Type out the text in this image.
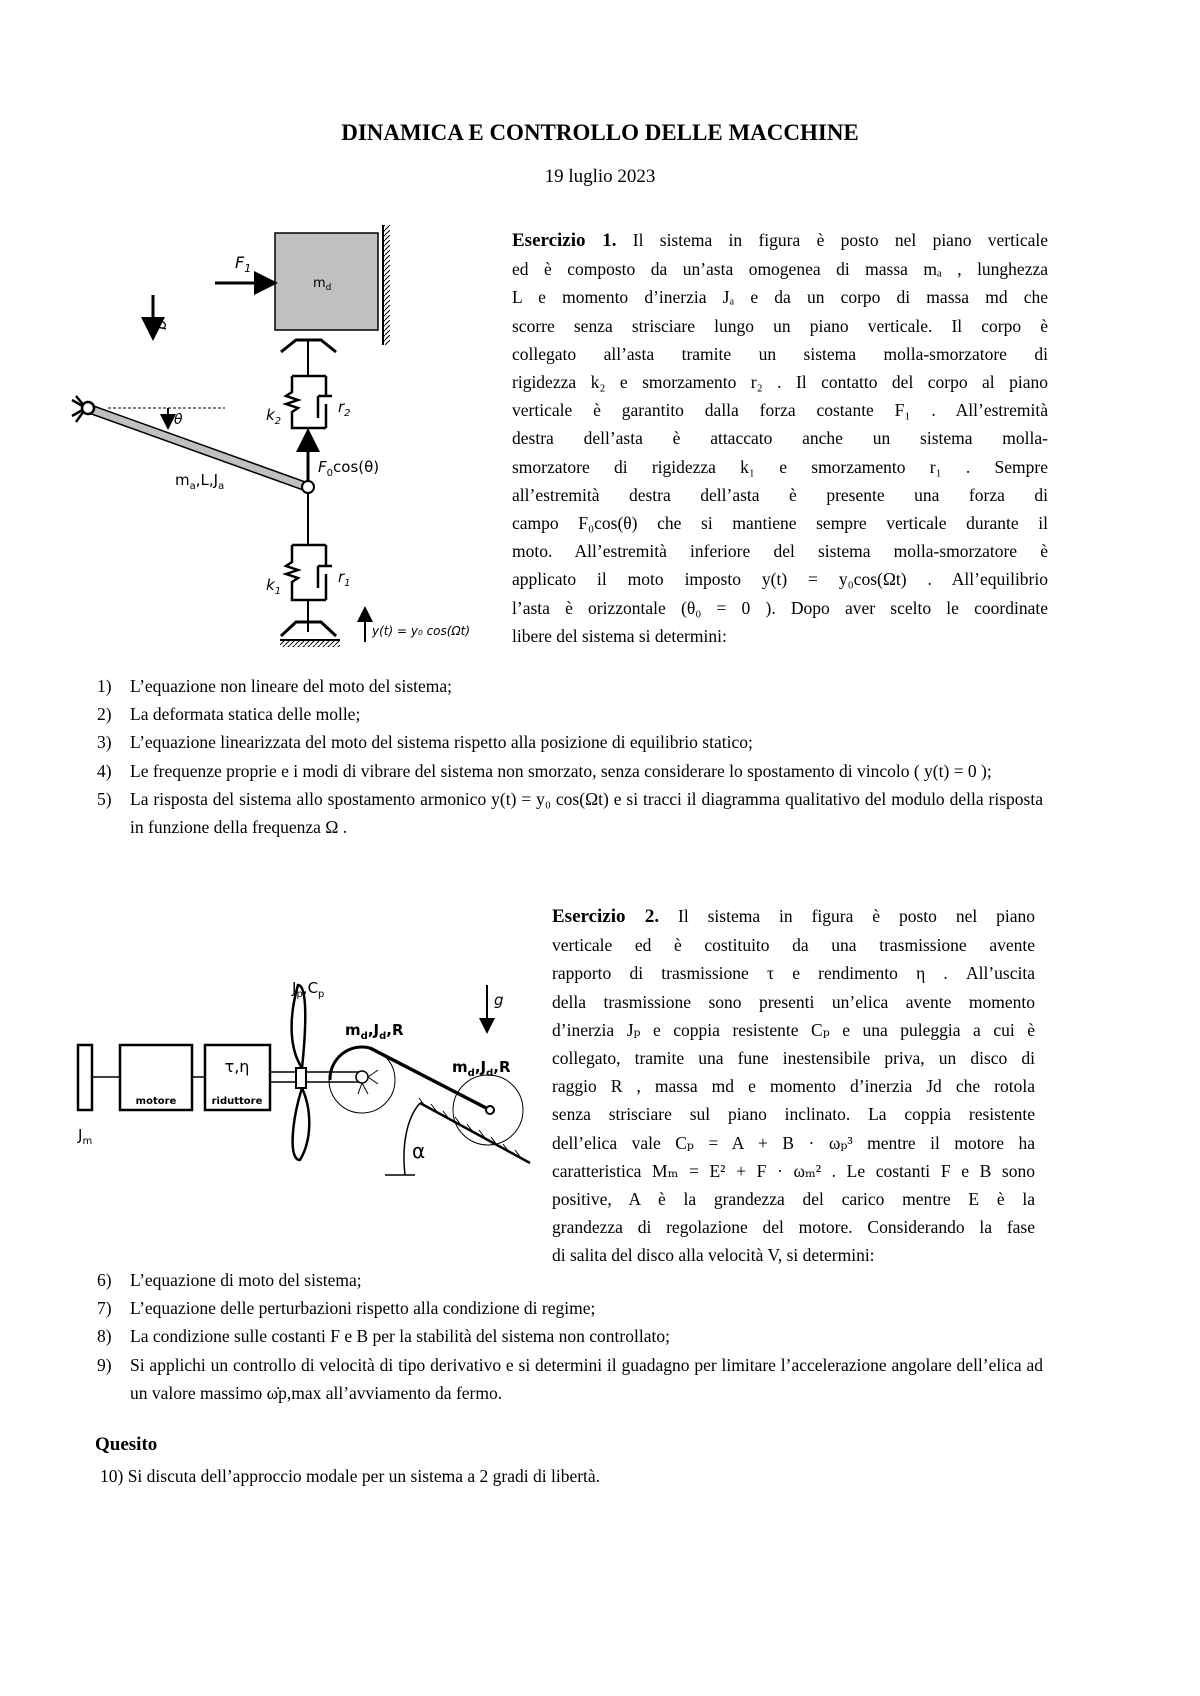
DINAMICA E CONTROLLO DELLE MACCHINE
19 luglio 2023
$F_1$
$m_d$
g
$k_2$
$r_2$
$F_0\cos(\theta)$
θ
$m_a,L,J_a$
$k_1$
$r_1$
y(t) = y₀ cos(Ωt)
Esercizio 1. Il sistema in figura è posto nel piano verticale
ed è composto da un’asta omogenea di massa mₐ , lunghezza
L e momento d’inerzia Jₐ e da un corpo di massa md che
scorre senza strisciare lungo un piano verticale. Il corpo è
collegato all’asta tramite un sistema molla-smorzatore di
rigidezza k₂ e smorzamento r₂ . Il contatto del corpo al piano
verticale è garantito dalla forza costante F₁ . All’estremità
destra dell’asta è attaccato anche un sistema molla-
smorzatore di rigidezza k₁ e smorzamento r₁ . Sempre
all’estremità destra dell’asta è presente una forza di
campo F₀cos(θ) che si mantiene sempre verticale durante il
moto. All’estremità inferiore del sistema molla-smorzatore è
applicato il moto imposto y(t) = y₀cos(Ωt) . All’equilibrio
l’asta è orizzontale (θ₀ = 0 ). Dopo aver scelto le coordinate
libere del sistema si determini:
1) L’equazione non lineare del moto del sistema;
2) La deformata statica delle molle;
3) L’equazione linearizzata del moto del sistema rispetto alla posizione di equilibrio statico;
4) Le frequenze proprie e i modi di vibrare del sistema non smorzato, senza considerare lo spostamento di vincolo ( y(t) = 0 );
5) La risposta del sistema allo spostamento armonico y(t) = y₀ cos(Ωt) e si tracci il diagramma qualitativo del modulo della risposta in funzione della frequenza Ω .
$J_m$
motore
τ,η
riduttore
$J_p,C_p$
$m_d,J_d,R$
$m_d,J_d,R$
α
g
Esercizio 2. Il sistema in figura è posto nel piano
verticale ed è costituito da una trasmissione avente
rapporto di trasmissione τ e rendimento η . All’uscita
della trasmissione sono presenti un’elica avente momento
d’inerzia Jₚ e coppia resistente Cₚ e una puleggia a cui è
collegato, tramite una fune inestensibile priva, un disco di
raggio R , massa md e momento d’inerzia Jd che rotola
senza strisciare sul piano inclinato. La coppia resistente
dell’elica vale Cₚ = A + B · ωₚ³ mentre il motore ha
caratteristica Mₘ = E² + F · ωₘ² . Le costanti F e B sono
positive, A è la grandezza del carico mentre E è la
grandezza di regolazione del motore. Considerando la fase
di salita del disco alla velocità V, si determini:
6) L’equazione di moto del sistema;
7) L’equazione delle perturbazioni rispetto alla condizione di regime;
8) La condizione sulle costanti F e B per la stabilità del sistema non controllato;
9) Si applichi un controllo di velocità di tipo derivativo e si determini il guadagno per limitare l’accelerazione angolare dell’elica ad un valore massimo ω̇p,max all’avviamento da fermo.
Quesito
10) Si discuta dell’approccio modale per un sistema a 2 gradi di libertà.
